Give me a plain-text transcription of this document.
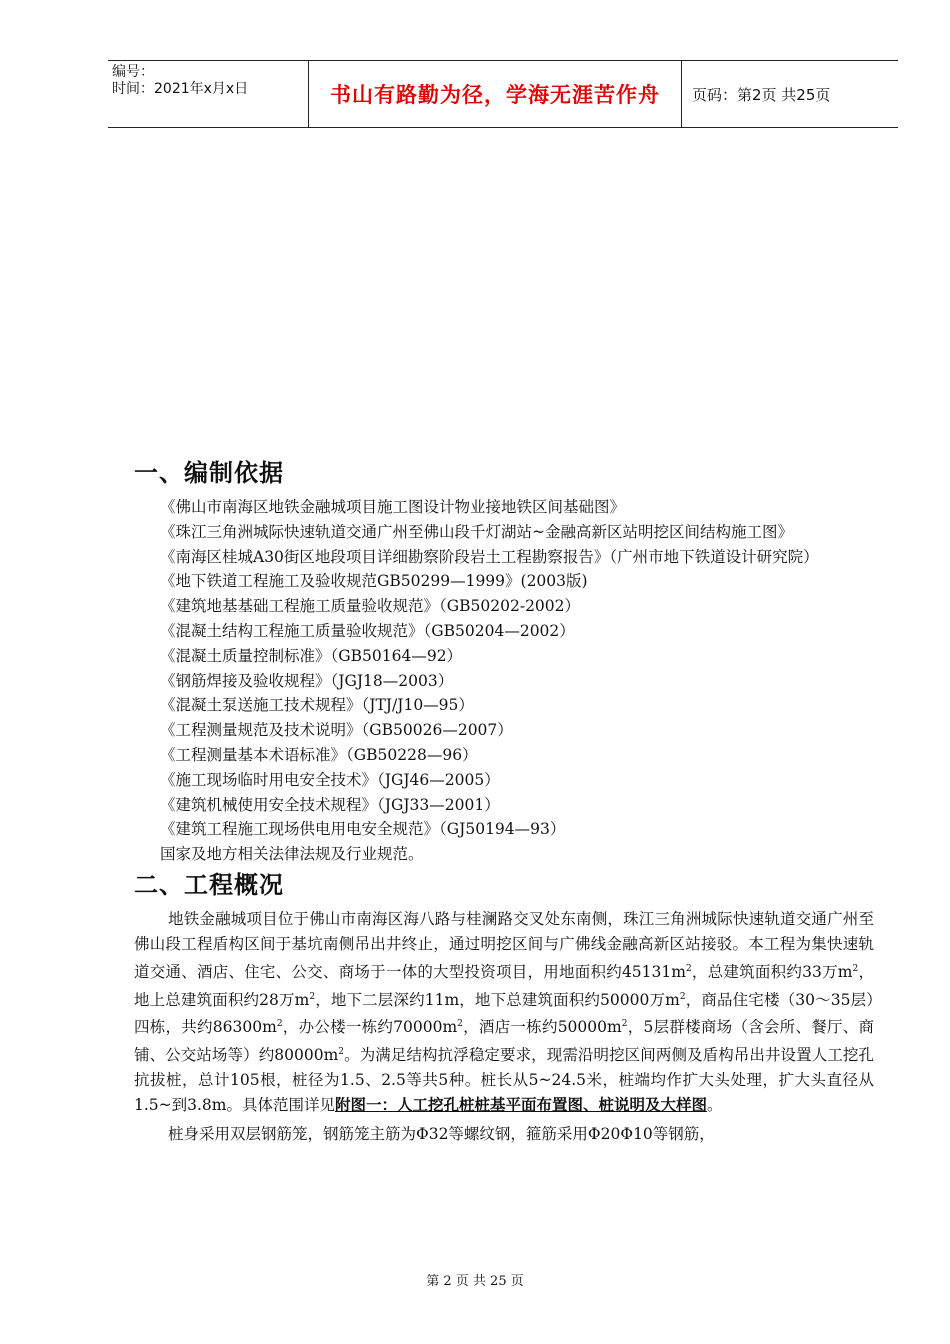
编号：
时间：2021年x月x日	书山有路勤为径，学海无涯苦作舟	页码：第2页 共25页
一、编制依据
《佛山市南海区地铁金融城项目施工图设计物业接地铁区间基础图》
《珠江三角洲城际快速轨道交通广州至佛山段千灯湖站~金融高新区站明挖区间结构施工图》
《南海区桂城A30街区地段项目详细勘察阶段岩土工程勘察报告》（广州市地下铁道设计研究院）
《地下铁道工程施工及验收规范GB50299—1999》(2003版)
《建筑地基基础工程施工质量验收规范》（GB50202-2002）
《混凝土结构工程施工质量验收规范》（GB50204—2002）
《混凝土质量控制标准》（GB50164—92）
《钢筋焊接及验收规程》（JGJ18—2003）
《混凝土泵送施工技术规程》（JTJ/J10—95）
《工程测量规范及技术说明》（GB50026—2007）
《工程测量基本术语标准》（GB50228—96）
《施工现场临时用电安全技术》（JGJ46—2005）
《建筑机械使用安全技术规程》（JGJ33—2001）
《建筑工程施工现场供电用电安全规范》（GJ50194—93）
国家及地方相关法律法规及行业规范。
二、工程概况

地铁金融城项目位于佛山市南海区海八路与桂澜路交叉处东南侧，珠江三角洲城际快速轨道交通广州至佛山段工程盾构区间于基坑南侧吊出井终止，通过明挖区间与广佛线金融高新区站接驳。本工程为集快速轨道交通、酒店、住宅、公交、商场于一体的大型投资项目，用地面积约$45131m^2$，总建筑面积约33万$m^2$，地上总建筑面积约28万$m^2$，地下二层深约11m，地下总建筑面积约50000万$m^2$，商品住宅楼（30～35层）四栋，共约$86300m^2$，办公楼一栋约$70000m^2$，酒店一栋约$50000m^2$，5层群楼商场（含会所、餐厅、商铺、公交站场等）约$80000m^2$。为满足结构抗浮稳定要求，现需沿明挖区间两侧及盾构吊出井设置人工挖孔抗拔桩，总计105根，桩径为1.5、2.5等共5种。桩长从5~24.5米，桩端均作扩大头处理，扩大头直径从1.5~到3.8m。具体范围详见附图一：人工挖孔桩桩基平面布置图、桩说明及大样图。

桩身采用双层钢筋笼，钢筋笼主筋为Φ32等螺纹钢，箍筋采用Φ20Φ10等钢筋，

第 2 页 共 25 页
